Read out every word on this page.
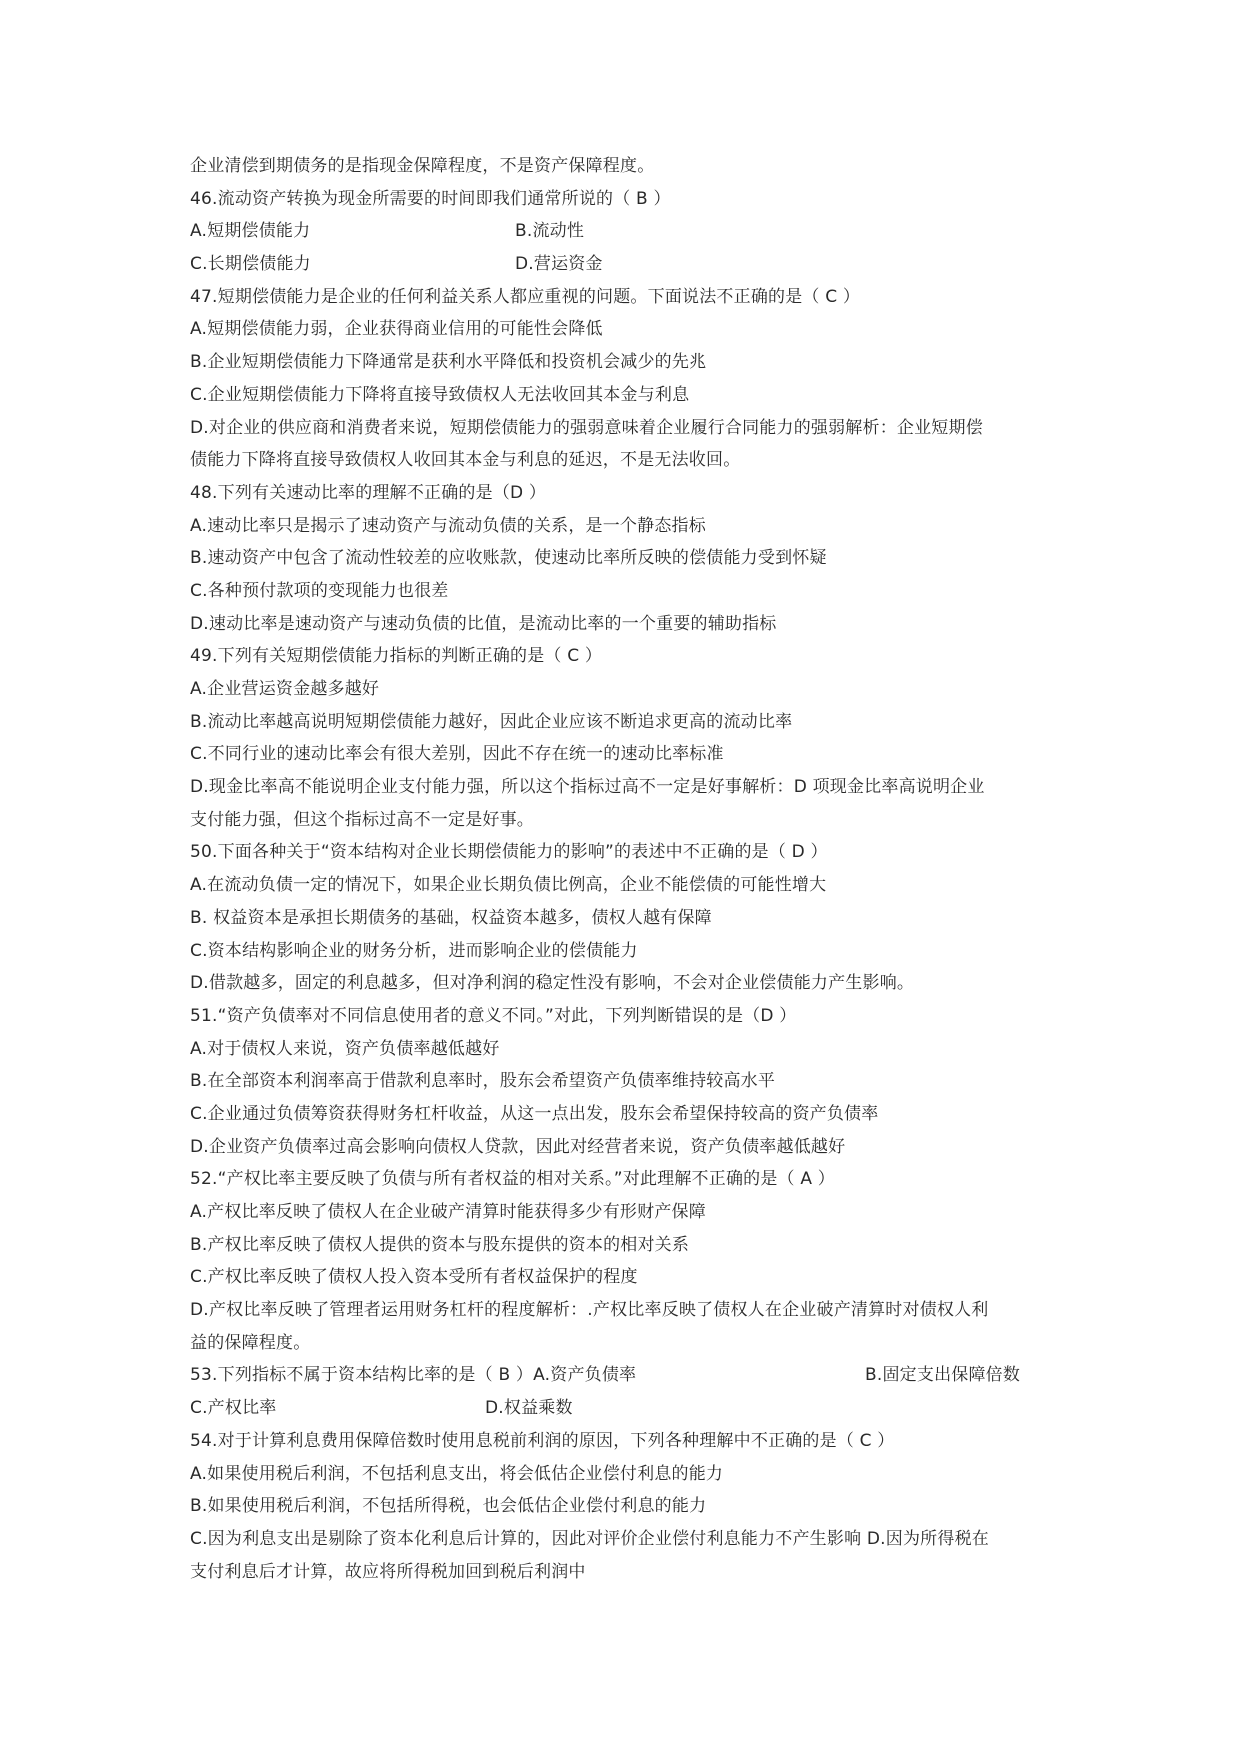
企业清偿到期债务的是指现金保障程度，不是资产保障程度。
46.流动资产转换为现金所需要的时间即我们通常所说的（ B ）
A.短期偿债能力	B.流动性
C.长期偿债能力	D.营运资金
47.短期偿债能力是企业的任何利益关系人都应重视的问题。下面说法不正确的是（ C ）
A.短期偿债能力弱，企业获得商业信用的可能性会降低
B.企业短期偿债能力下降通常是获利水平降低和投资机会减少的先兆
C.企业短期偿债能力下降将直接导致债权人无法收回其本金与利息
D.对企业的供应商和消费者来说，短期偿债能力的强弱意味着企业履行合同能力的强弱解析：企业短期偿
债能力下降将直接导致债权人收回其本金与利息的延迟，不是无法收回。
48.下列有关速动比率的理解不正确的是（D ）
A.速动比率只是揭示了速动资产与流动负债的关系，是一个静态指标
B.速动资产中包含了流动性较差的应收账款，使速动比率所反映的偿债能力受到怀疑
C.各种预付款项的变现能力也很差
D.速动比率是速动资产与速动负债的比值，是流动比率的一个重要的辅助指标
49.下列有关短期偿债能力指标的判断正确的是（ C ）
A.企业营运资金越多越好
B.流动比率越高说明短期偿债能力越好，因此企业应该不断追求更高的流动比率
C.不同行业的速动比率会有很大差别，因此不存在统一的速动比率标准
D.现金比率高不能说明企业支付能力强，所以这个指标过高不一定是好事解析：D 项现金比率高说明企业
支付能力强，但这个指标过高不一定是好事。
50.下面各种关于“资本结构对企业长期偿债能力的影响”的表述中不正确的是（ D ）
A.在流动负债一定的情况下，如果企业长期负债比例高，企业不能偿债的可能性增大
B. 权益资本是承担长期债务的基础，权益资本越多，债权人越有保障
C.资本结构影响企业的财务分析，进而影响企业的偿债能力
D.借款越多，固定的利息越多，但对净利润的稳定性没有影响，不会对企业偿债能力产生影响。
51.“资产负债率对不同信息使用者的意义不同。”对此，下列判断错误的是（D ）
A.对于债权人来说，资产负债率越低越好
B.在全部资本利润率高于借款利息率时，股东会希望资产负债率维持较高水平
C.企业通过负债筹资获得财务杠杆收益，从这一点出发，股东会希望保持较高的资产负债率
D.企业资产负债率过高会影响向债权人贷款，因此对经营者来说，资产负债率越低越好
52.“产权比率主要反映了负债与所有者权益的相对关系。”对此理解不正确的是（ A ）
A.产权比率反映了债权人在企业破产清算时能获得多少有形财产保障
B.产权比率反映了债权人提供的资本与股东提供的资本的相对关系
C.产权比率反映了债权人投入资本受所有者权益保护的程度
D.产权比率反映了管理者运用财务杠杆的程度解析：.产权比率反映了债权人在企业破产清算时对债权人利
益的保障程度。
53.下列指标不属于资本结构比率的是（ B ）A.资产负债率	B.固定支出保障倍数
C.产权比率	D.权益乘数
54.对于计算利息费用保障倍数时使用息税前利润的原因，下列各种理解中不正确的是（ C ）
A.如果使用税后利润，不包括利息支出，将会低估企业偿付利息的能力
B.如果使用税后利润，不包括所得税，也会低估企业偿付利息的能力
C.因为利息支出是剔除了资本化利息后计算的，因此对评价企业偿付利息能力不产生影响 D.因为所得税在
支付利息后才计算，故应将所得税加回到税后利润中
